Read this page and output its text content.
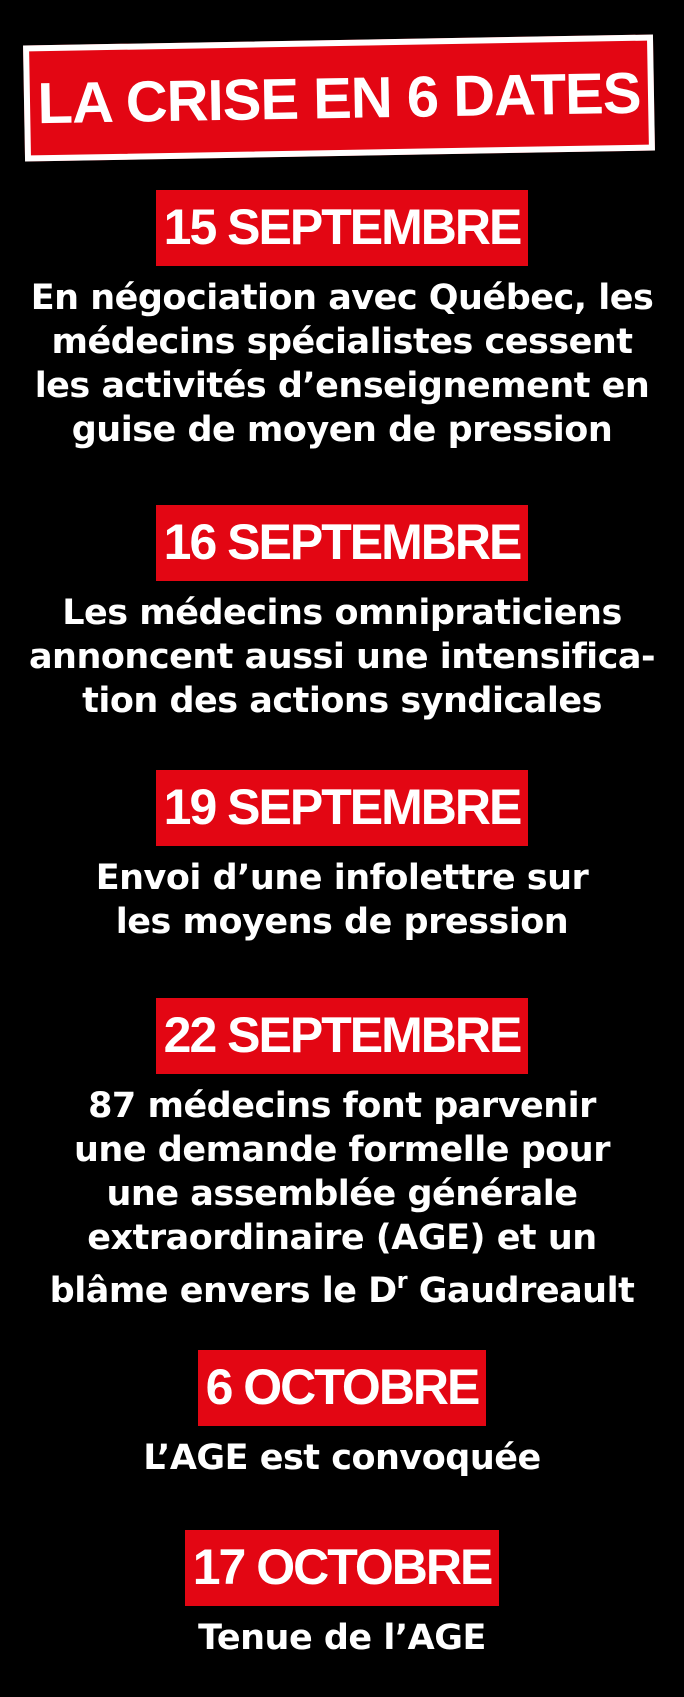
LA CRISE EN 6 DATES
15 SEPTEMBRE
En négociation avec Québec, les
médecins spécialistes cessent
les activités d’enseignement en
guise de moyen de pression
16 SEPTEMBRE
Les médecins omnipraticiens
annoncent aussi une intensifica-
tion des actions syndicales
19 SEPTEMBRE
Envoi d’une infolettre sur
les moyens de pression
22 SEPTEMBRE
87 médecins font parvenir
une demande formelle pour
une assemblée générale
extraordinaire (AGE) et un
blâme envers le $D^r$ Gaudreault
6 OCTOBRE
L’AGE est convoquée
17 OCTOBRE
Tenue de l’AGE
